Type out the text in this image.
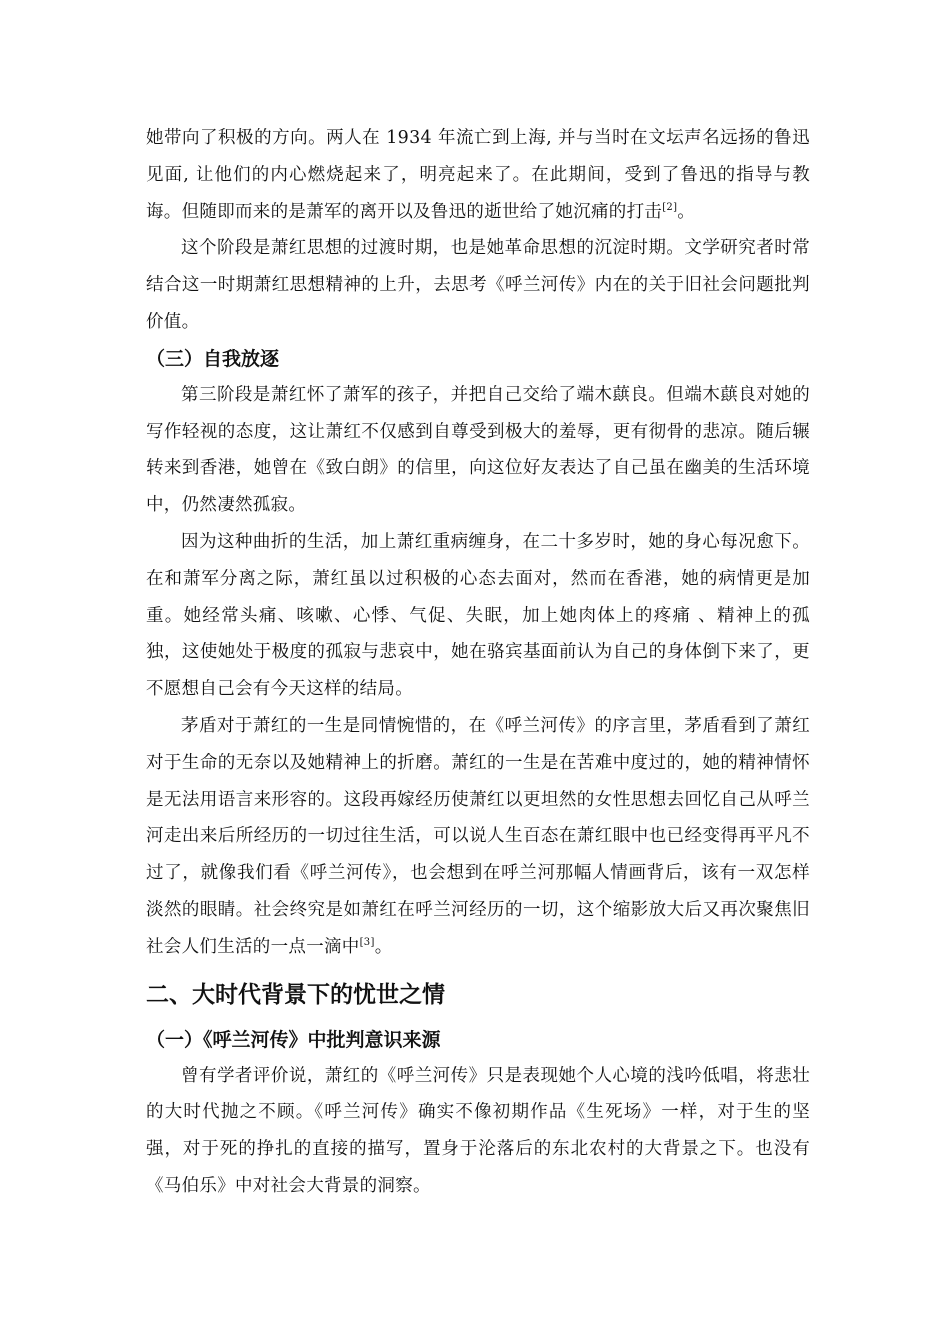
她带向了积极的方向。两人在 1934 年流亡到上海, 并与当时在文坛声名远扬的鲁迅见面, 让他们的内心燃烧起来了，明亮起来了。在此期间，受到了鲁迅的指导与教诲。但随即而来的是萧军的离开以及鲁迅的逝世给了她沉痛的打击[2]。

这个阶段是萧红思想的过渡时期，也是她革命思想的沉淀时期。文学研究者时常结合这一时期萧红思想精神的上升，去思考《呼兰河传》内在的关于旧社会问题批判价值。

（三）自我放逐

第三阶段是萧红怀了萧军的孩子，并把自己交给了端木蕻良。但端木蕻良对她的写作轻视的态度，这让萧红不仅感到自尊受到极大的羞辱，更有彻骨的悲凉。随后辗转来到香港，她曾在《致白朗》的信里，向这位好友表达了自己虽在幽美的生活环境中，仍然凄然孤寂。

因为这种曲折的生活，加上萧红重病缠身，在二十多岁时，她的身心每况愈下。在和萧军分离之际，萧红虽以过积极的心态去面对，然而在香港，她的病情更是加重。她经常头痛、咳嗽、心悸、气促、失眠，加上她肉体上的疼痛 、精神上的孤独，这使她处于极度的孤寂与悲哀中，她在骆宾基面前认为自己的身体倒下来了，更不愿想自己会有今天这样的结局。

茅盾对于萧红的一生是同情惋惜的，在《呼兰河传》的序言里，茅盾看到了萧红对于生命的无奈以及她精神上的折磨。萧红的一生是在苦难中度过的，她的精神情怀是无法用语言来形容的。这段再嫁经历使萧红以更坦然的女性思想去回忆自己从呼兰河走出来后所经历的一切过往生活，可以说人生百态在萧红眼中也已经变得再平凡不过了，就像我们看《呼兰河传》，也会想到在呼兰河那幅人情画背后，该有一双怎样淡然的眼睛。社会终究是如萧红在呼兰河经历的一切，这个缩影放大后又再次聚焦旧社会人们生活的一点一滴中[3]。

二、大时代背景下的忧世之情
（一）《呼兰河传》中批判意识来源

曾有学者评价说，萧红的《呼兰河传》只是表现她个人心境的浅吟低唱，将悲壮的大时代抛之不顾。《呼兰河传》确实不像初期作品《生死场》一样，对于生的坚强，对于死的挣扎的直接的描写，置身于沦落后的东北农村的大背景之下。也没有《马伯乐》中对社会大背景的洞察。
